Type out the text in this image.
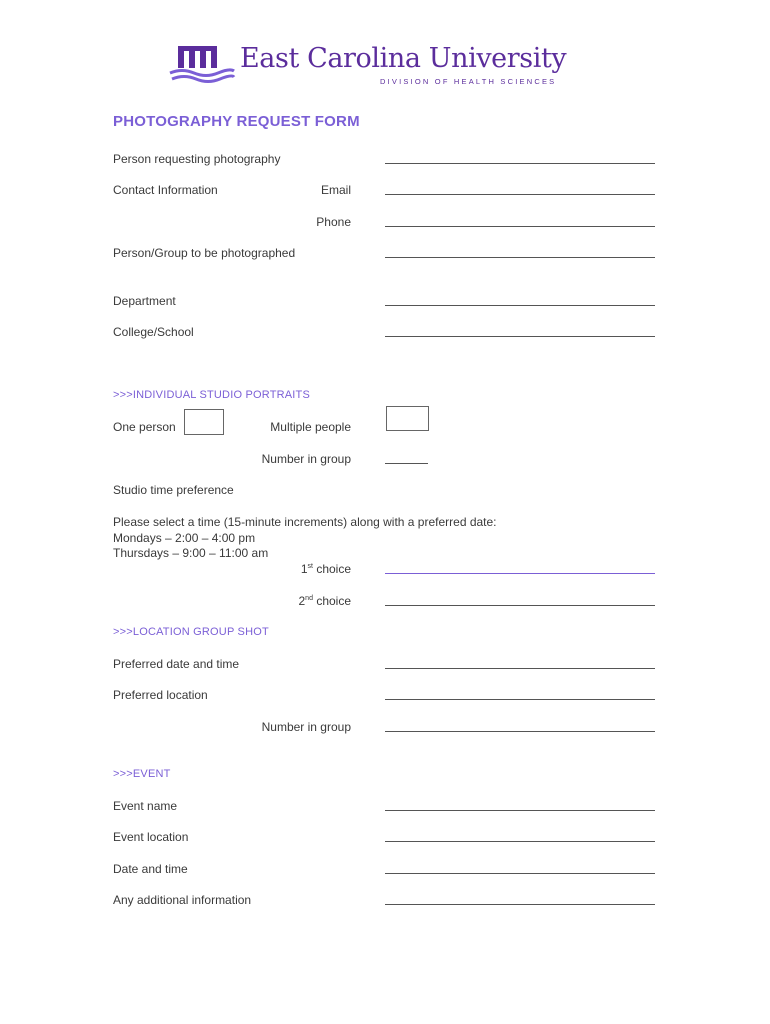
East Carolina University
DIVISION OF HEALTH SCIENCES
PHOTOGRAPHY REQUEST FORM
Person requesting photography
Contact Information	Email
Phone
Person/Group to be photographed
Department
College/School
>>>INDIVIDUAL STUDIO PORTRAITS
One person	Multiple people
Number in group
Studio time preference
Please select a time (15-minute increments) along with a preferred date:
Mondays – 2:00 – 4:00 pm
Thursdays – 9:00 – 11:00 am
1st choice
2nd choice
>>>LOCATION GROUP SHOT
Preferred date and time
Preferred location
Number in group
>>>EVENT
Event name
Event location
Date and time
Any additional information
